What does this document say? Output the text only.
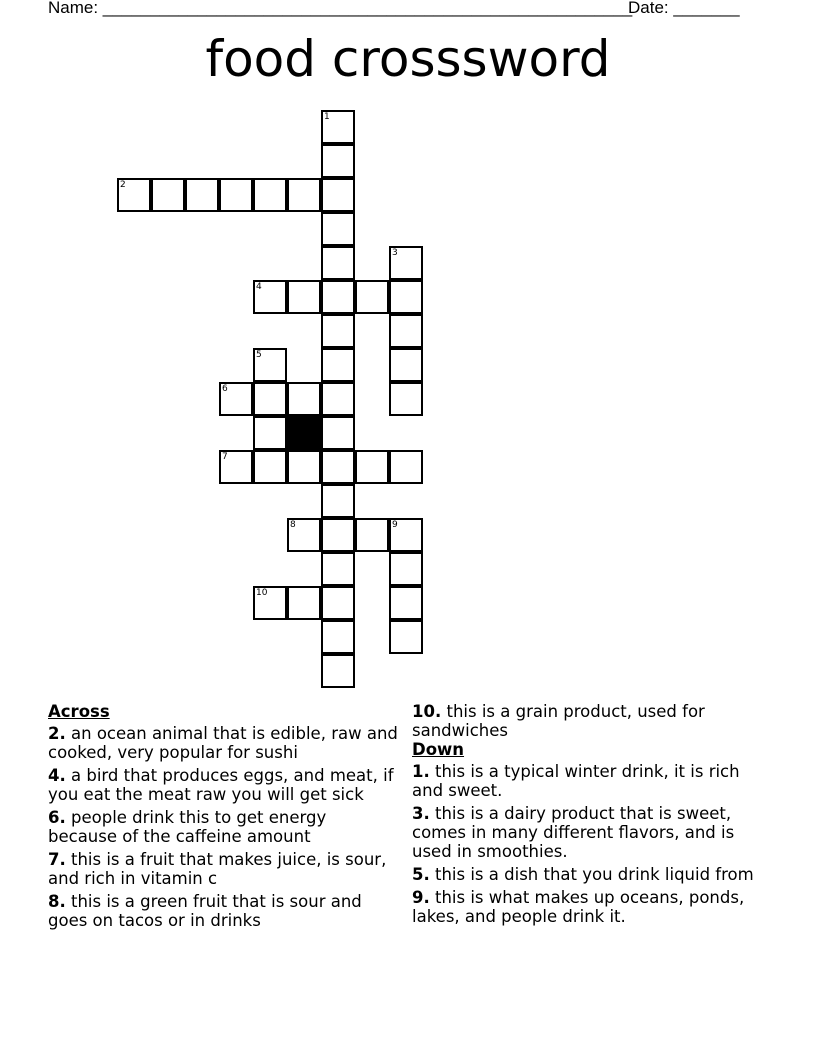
Name: ________________________________________________________
Date: _______
food crosssword
1
2
3
4
5
6
7
8	9
10
Across
2. an ocean animal that is edible, raw and cooked, very popular for sushi
4. a bird that produces eggs, and meat, if you eat the meat raw you will get sick
6. people drink this to get energy because of the caffeine amount
7. this is a fruit that makes juice, is sour, and rich in vitamin c
8. this is a green fruit that is sour and goes on tacos or in drinks
10. this is a grain product, used for sandwiches
Down
1. this is a typical winter drink, it is rich and sweet.
3. this is a dairy product that is sweet, comes in many different flavors, and is used in smoothies.
5. this is a dish that you drink liquid from
9. this is what makes up oceans, ponds, lakes, and people drink it.
